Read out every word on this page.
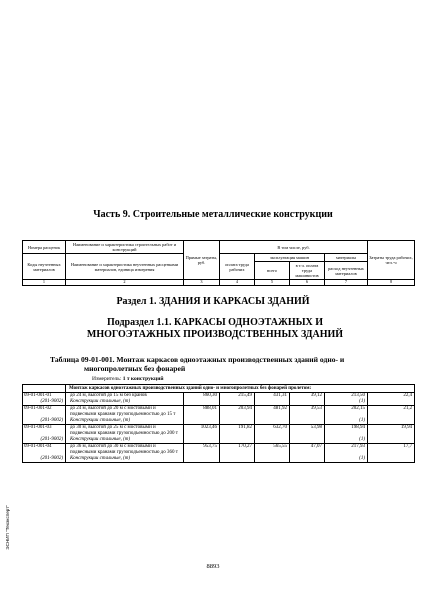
Часть 9. Строительные металлические конструкции
Номера расценок	Наименование и характеристика строительных работ и конструкций	Прямые затраты, руб.	В том числе, руб.				Затраты труда рабочих, чел.-ч
Коды неучтенных материалов	Наименование и характеристика неучтенных расценками материалов, единица измерения		оплата труда рабочих	эксплуатация машин		материалы	
				всего	в т.ч. оплата труда машинистов	расход неучтенных материалов	
1	2	3	4	5	6	7	8
Раздел 1. ЗДАНИЯ И КАРКАСЫ ЗДАНИЙ
Подраздел 1.1. КАРКАСЫ ОДНОЭТАЖНЫХ И МНОГОЭТАЖНЫХ ПРОИЗВОДСТВЕННЫХ ЗДАНИЙ
Таблица 09-01-001. Монтаж каркасов одноэтажных производственных зданий одно- и
многопролетных без фонарей
Измеритель: 1 т конструкций
	Монтаж каркасов одноэтажных производственных зданий одно- и многопролетных без фонарей пролетом:						
09-01-001-01	до 24 м, высотой до 15 м без кранов	860,30	215,49	431,31	39,12	213,50	22,4
(201-9002)	Конструкции стальные, (т)					(1)	
09-01-001-02	до 24 м, высотой до 20 м с мостовыми и подвесными кранами грузоподъемностью до 15 т	888,01	203,94	481,92	39,53	202,15	21,2
(201-9002)	Конструкции стальные, (т)					(1)	
09-01-001-03	до 30 м, высотой до 25 м с мостовыми и подвесными кранами грузоподъемностью до 200 т	1023,46	191,82	632,70	53,98	198,94	19,94
(201-9002)	Конструкции стальные, (т)					(1)	
09-01-001-04	до 36 м, высотой до 30 м с мостовыми и подвесными кранами грузоподъемностью до 360 т	953,75	170,27	565,55	47,07	217,93	17,7
(201-9002)	Конструкции стальные, (т)					(1)	
ЭСНИП "Техэксперт"
8893
